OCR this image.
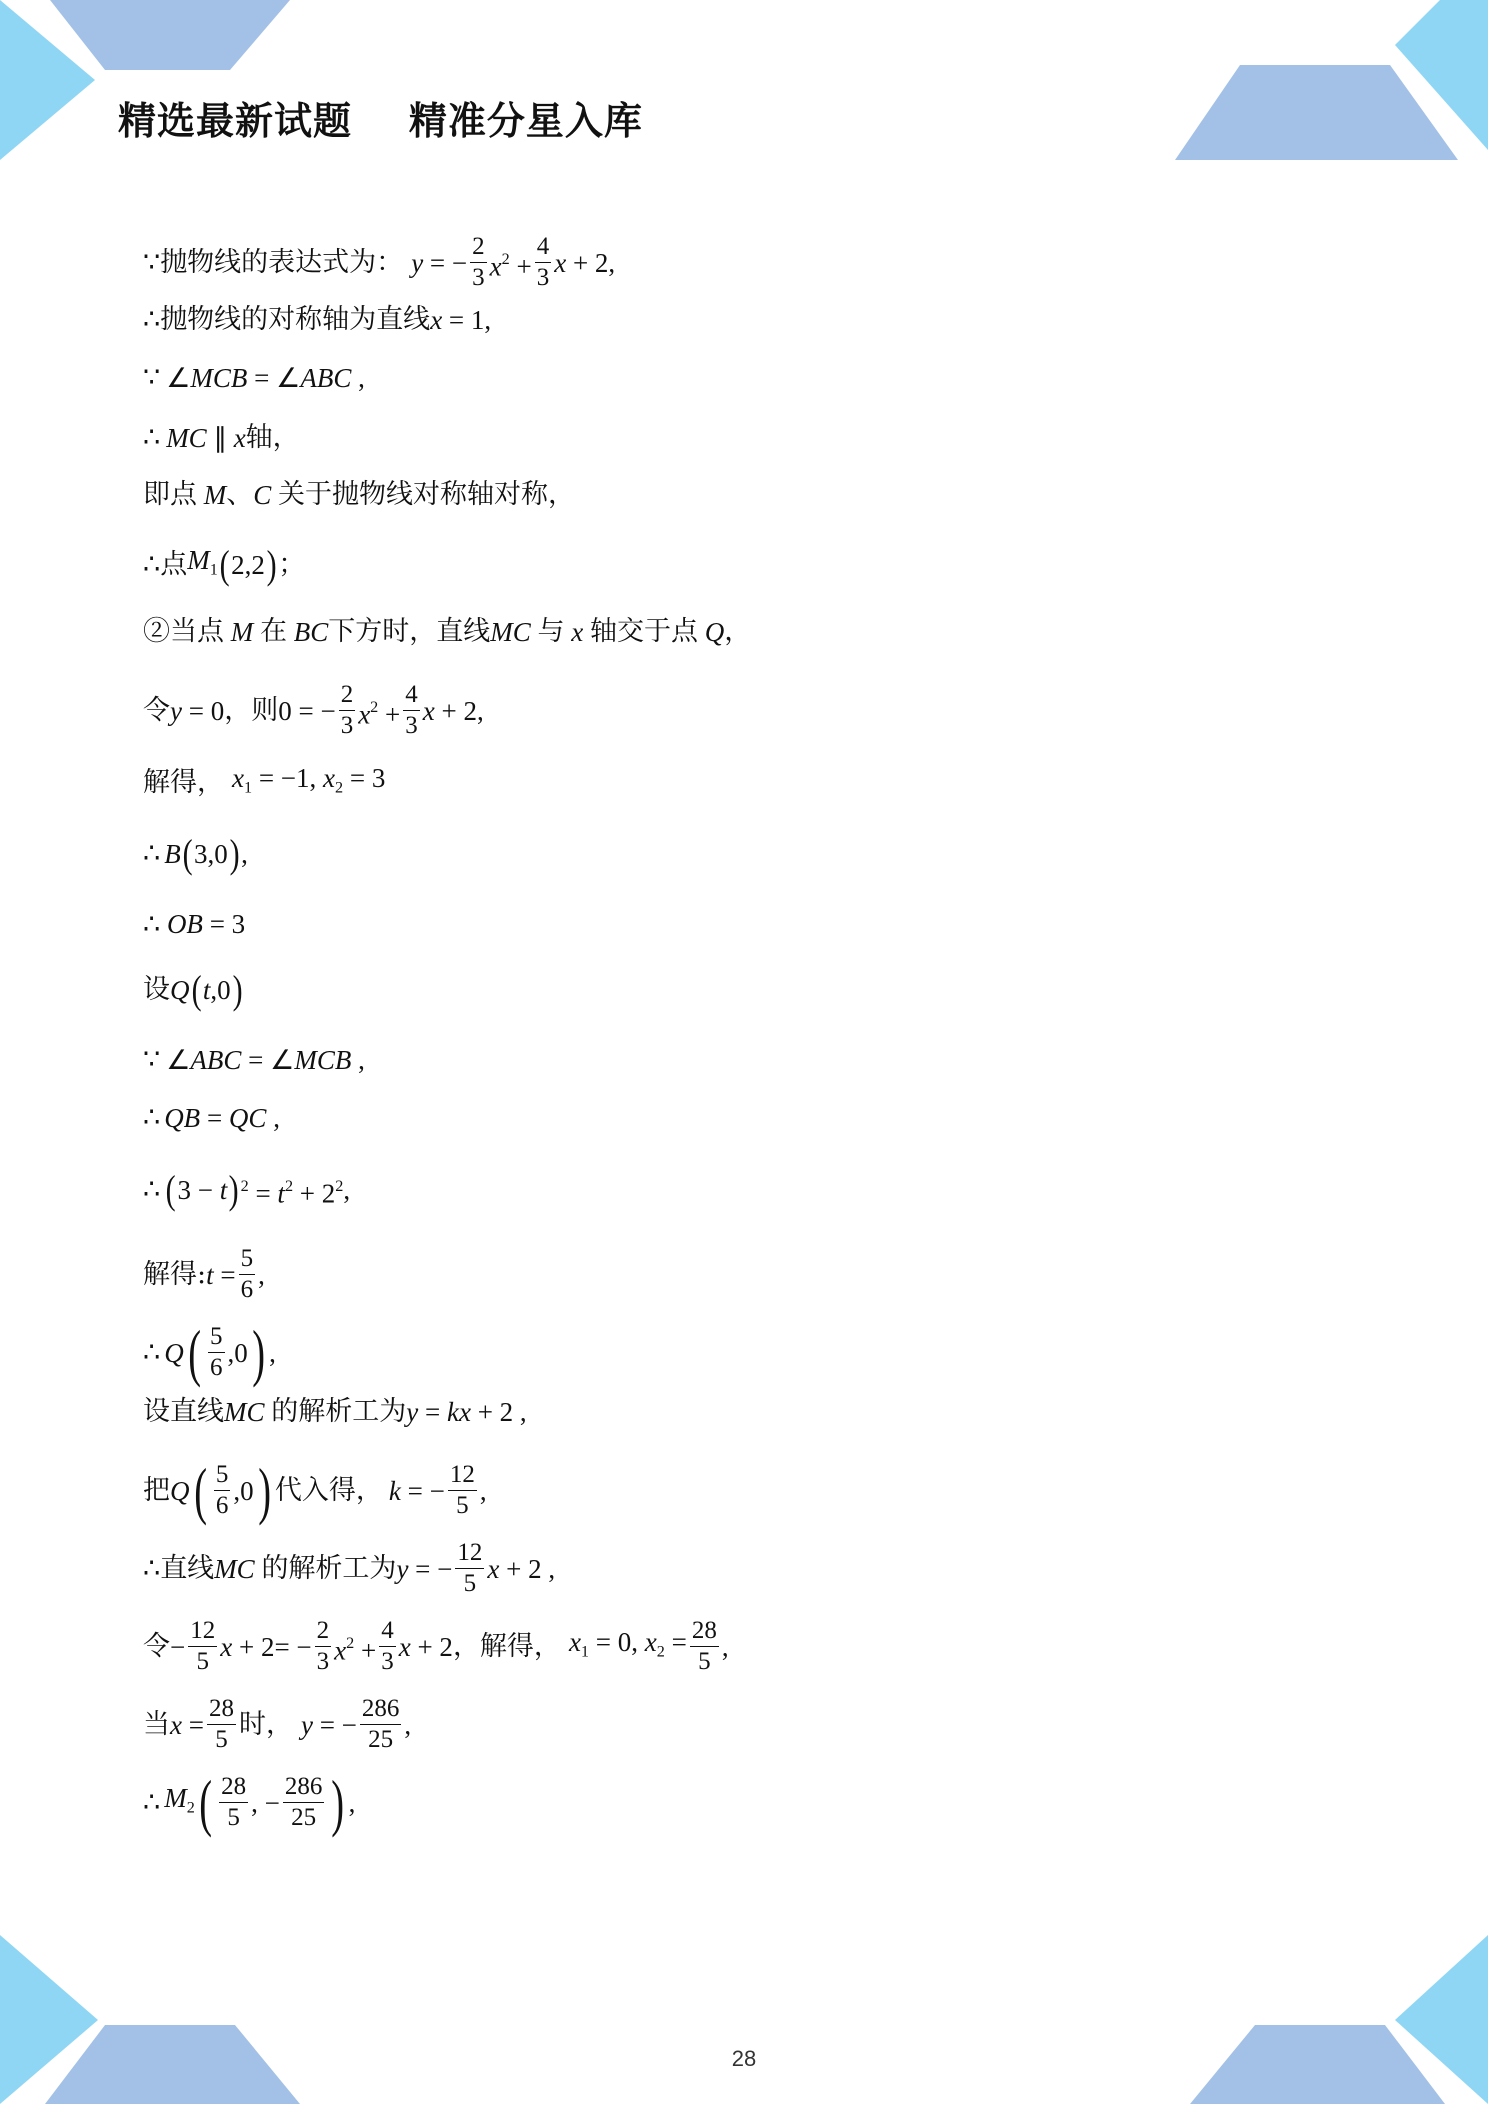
精选最新试题    精准分星入库
∵ 抛物线的表达式为： y = − $\frac{2}{3} x^2 + \frac{4}{3}$ x + 2 ,
∴ 抛物线的对称轴为直线 x = 1 ,
∵ ∠MCB = ∠ABC ,
∴ MC ∥ x 轴，
即点 M 、 C 关于抛物线对称轴对称，
∴ 点 $M_1$ ( 2,2 ) ；
②当点 M 在 BC 下方时，直线 MC 与 x 轴交于点 Q ，
令 y = 0 ，则 0 = − $\frac{2}{3} x^2 + \frac{4}{3}$ x + 2 ,
解得， $x_1 = -1$, $x_2 = 3$
∴ B ( 3,0 ) ,
∴ OB = 3
设 Q ( t ,0 )
∵ ∠ABC = ∠MCB ,
∴ QB = QC ,
∴ ( 3 − t ) $^2 = t^2 + 2^2$ ,
解得: $t = \frac{5}{6}$ ,
∴ Q ( $\frac{5}{6} ,0$ ) ,
设直线 MC 的解析工为 y = kx + 2 ,
把 Q ( $\frac{5}{6} ,0$ ) 代入得， k = − $\frac{12}{5}$ ,
∴ 直线 MC 的解析工为 y = − $\frac{12}{5}$ x + 2 ,
令 − $\frac{12}{5}$ $x + 2= - \frac{2}{3} x^2 + \frac{4}{3}$ x + 2 ，解得， $x_1 = 0$, $x_2 = \frac{28}{5}$ ,
当 $x = \frac{28}{5}$ 时， y = − $\frac{286}{25}$ ,
∴ $M_2$ ( $\frac{28}{5}$ , − $\frac{286}{25}$ ) ,
28
